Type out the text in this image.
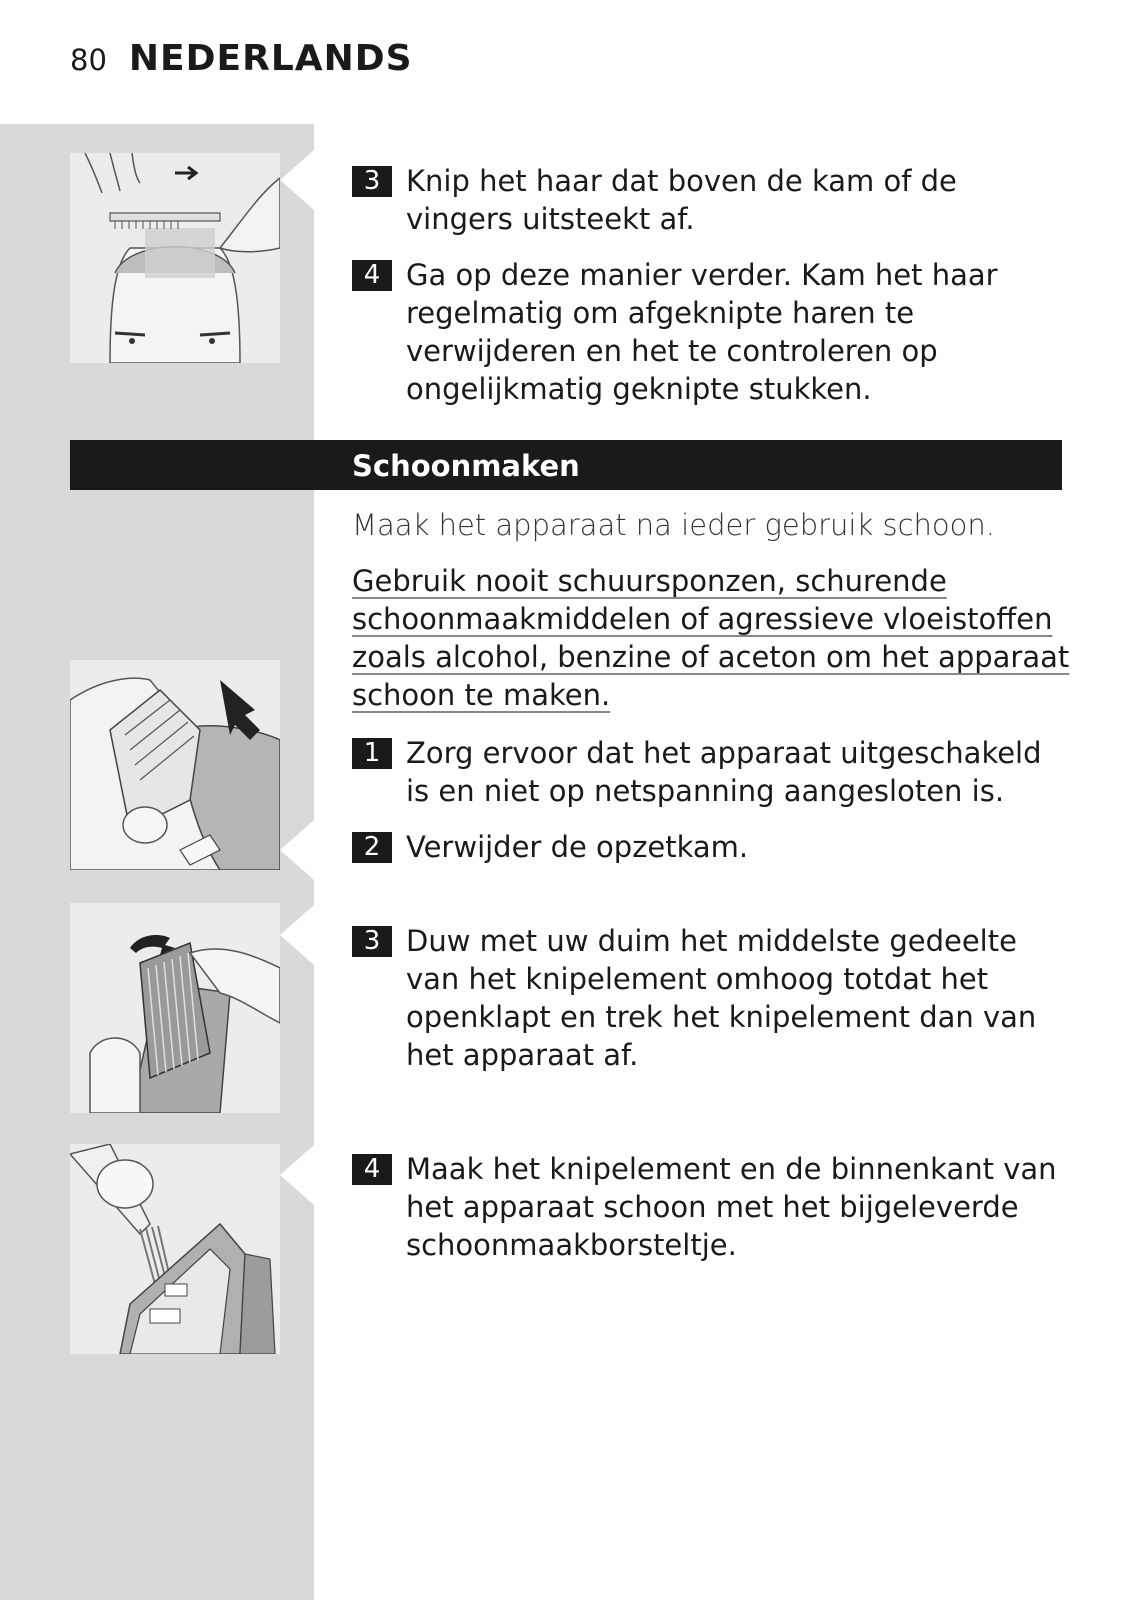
80 NEDERLANDS
3 Knip het haar dat boven de kam of de vingers uitsteekt af.
4 Ga op deze manier verder. Kam het haar regelmatig om afgeknipte haren te verwijderen en het te controleren op ongelijkmatig geknipte stukken.
Schoonmaken
Maak het apparaat na ieder gebruik schoon.
Gebruik nooit schuursponzen, schurende schoonmaakmiddelen of agressieve vloeistoffen zoals alcohol, benzine of aceton om het apparaat schoon te maken.
1 Zorg ervoor dat het apparaat uitgeschakeld is en niet op netspanning aangesloten is.
2 Verwijder de opzetkam.
3 Duw met uw duim het middelste gedeelte van het knipelement omhoog totdat het openklapt en trek het knipelement dan van het apparaat af.
4 Maak het knipelement en de binnenkant van het apparaat schoon met het bijgeleverde schoonmaakborsteltje.
